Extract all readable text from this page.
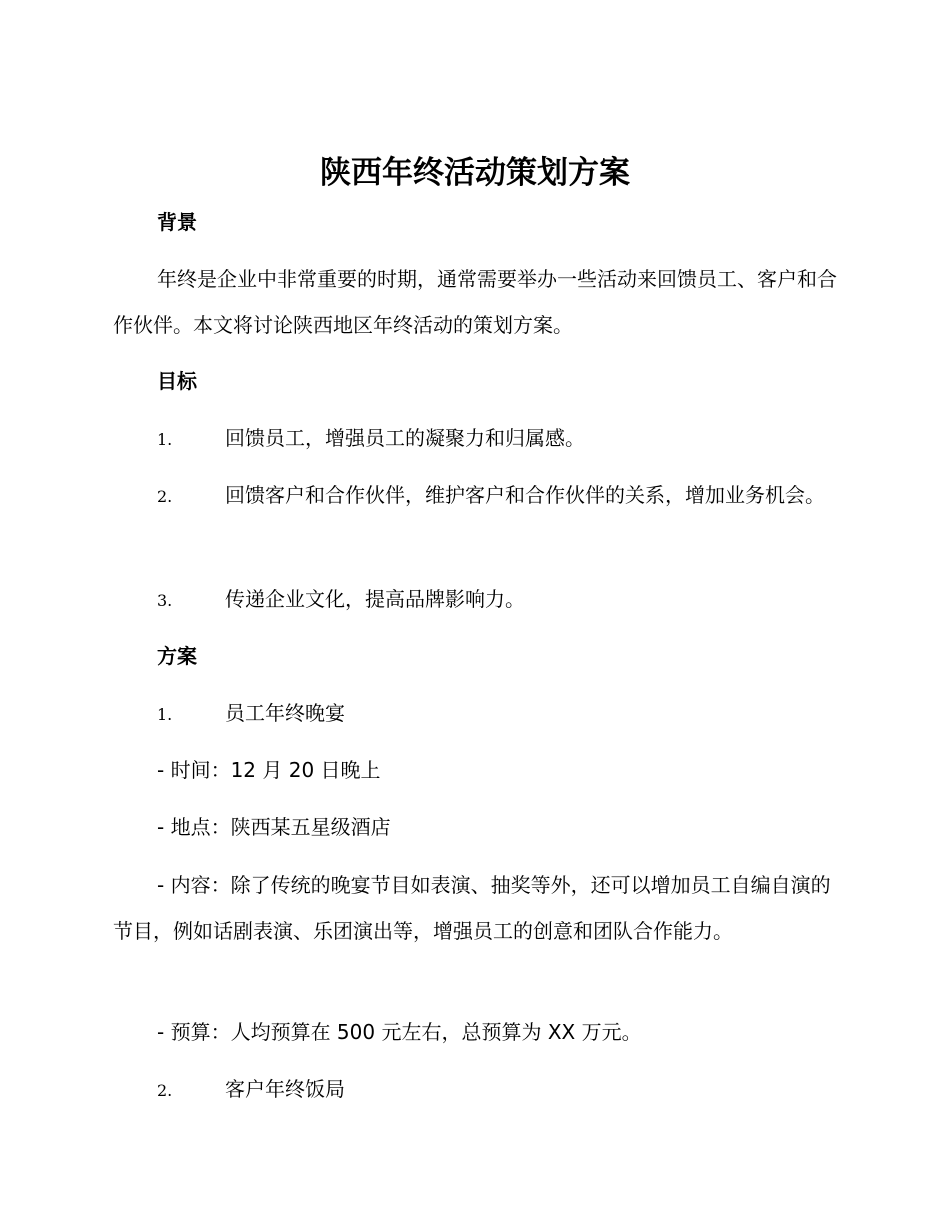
陕西年终活动策划方案
背景

年终是企业中非常重要的时期，通常需要举办一些活动来回馈员工、客户和合作伙伴。本文将讨论陕西地区年终活动的策划方案。

目标
1.	回馈员工，增强员工的凝聚力和归属感。
2.	回馈客户和合作伙伴，维护客户和合作伙伴的关系，增加业务机会。
3.	传递企业文化，提高品牌影响力。
方案
1.	员工年终晚宴

- 时间：12 月 20 日晚上

- 地点：陕西某五星级酒店

- 内容：除了传统的晚宴节目如表演、抽奖等外，还可以增加员工自编自演的节目，例如话剧表演、乐团演出等，增强员工的创意和团队合作能力。

- 预算：人均预算在 500 元左右，总预算为 XX 万元。

2.	客户年终饭局
